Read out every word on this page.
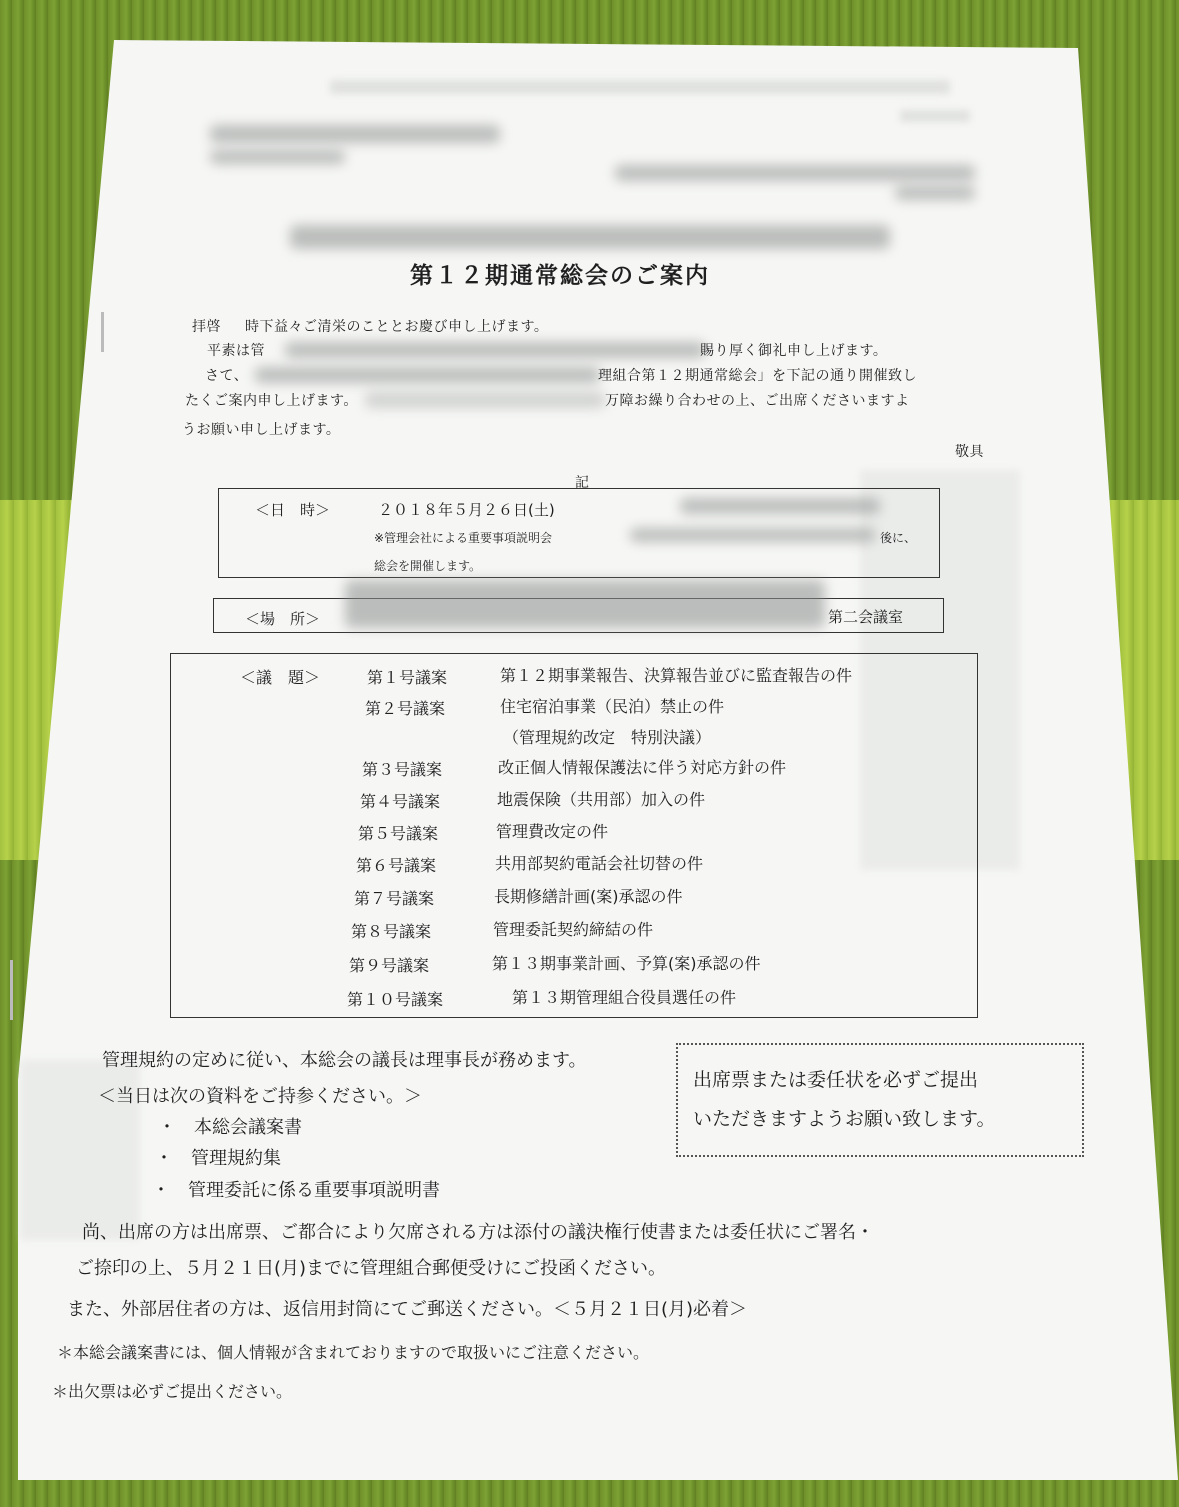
第１２期通常総会のご案内
拝啓 時下益々ご清栄のこととお慶び申し上げます。
平素は管	賜り厚く御礼申し上げます。
さて、	理組合第１２期通常総会」を下記の通り開催致し
たくご案内申し上げます。	万障お繰り合わせの上、ご出席くださいますよ
うお願い申し上げます。
敬具
記
＜日　時＞	２０１８年５月２６日(土)
※管理会社による重要事項説明会	後に、
総会を開催します。
＜場　所＞	第二会議室
＜議　題＞	第１号議案	第１２期事業報告、決算報告並びに監査報告の件
第２号議案	住宅宿泊事業（民泊）禁止の件
（管理規約改定　特別決議）
第３号議案	改正個人情報保護法に伴う対応方針の件
第４号議案	地震保険（共用部）加入の件
第５号議案	管理費改定の件
第６号議案	共用部契約電話会社切替の件
第７号議案	長期修繕計画(案)承認の件
第８号議案	管理委託契約締結の件
第９号議案	第１３期事業計画、予算(案)承認の件
第１０号議案	第１３期管理組合役員選任の件
管理規約の定めに従い、本総会の議長は理事長が務めます。
＜当日は次の資料をご持参ください。＞
・　本総会議案書
・　管理規約集
・　管理委託に係る重要事項説明書
出席票または委任状を必ずご提出
いただきますようお願い致します。
尚、出席の方は出席票、ご都合により欠席される方は添付の議決権行使書または委任状にご署名・
ご捺印の上、５月２１日(月)までに管理組合郵便受けにご投函ください。
また、外部居住者の方は、返信用封筒にてご郵送ください。＜５月２１日(月)必着＞
＊本総会議案書には、個人情報が含まれておりますので取扱いにご注意ください。
＊出欠票は必ずご提出ください。
